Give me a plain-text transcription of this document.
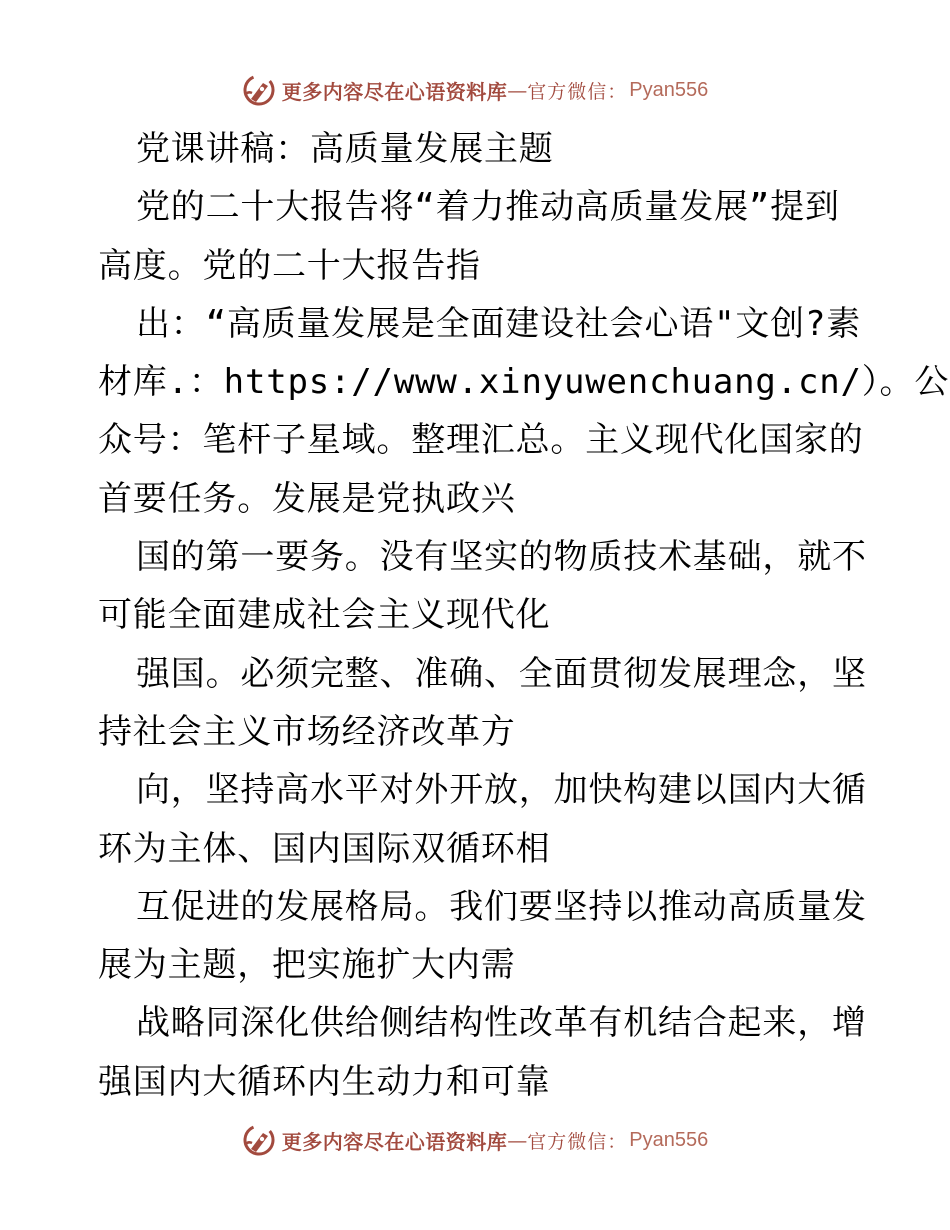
更多内容尽在心语资料库 — 官方微信： Pyan556
党课讲稿：高质量发展主题
党的二十大报告将“着力推动高质量发展”提到
高度。党的二十大报告指
出：“高质量发展是全面建设社会心语"文创?素
材库.：https://www.xinyuwenchuang.cn/）。公
众号：笔杆子星域。整理汇总。主义现代化国家的
首要任务。发展是党执政兴
国的第一要务。没有坚实的物质技术基础，就不
可能全面建成社会主义现代化
强国。必须完整、准确、全面贯彻发展理念，坚
持社会主义市场经济改革方
向，坚持高水平对外开放，加快构建以国内大循
环为主体、国内国际双循环相
互促进的发展格局。我们要坚持以推动高质量发
展为主题，把实施扩大内需
战略同深化供给侧结构性改革有机结合起来，增
强国内大循环内生动力和可靠
更多内容尽在心语资料库 — 官方微信： Pyan556
